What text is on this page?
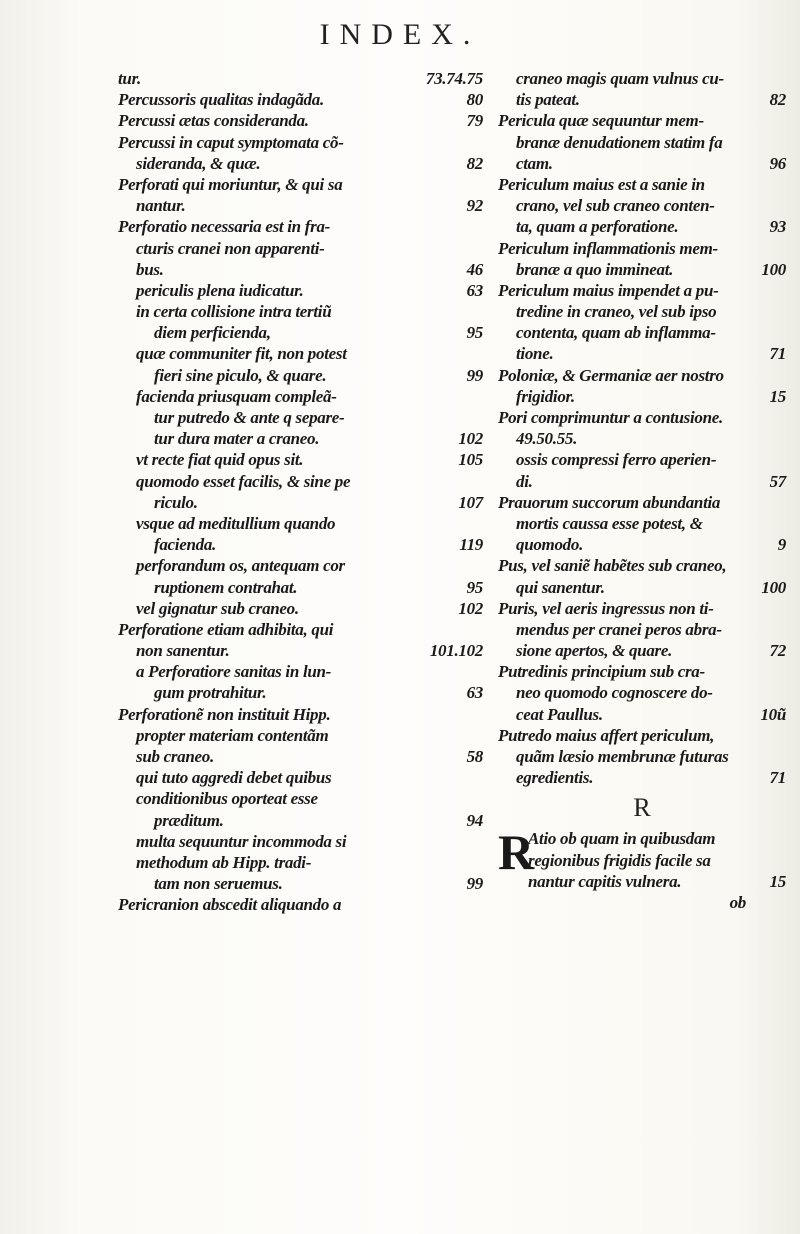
INDEX.
tur.	73.74.75
Percussoris qualitas indagãda.	80
Percussi ætas consideranda.	79
Percussi in caput symptomata cõ-
sideranda, & quæ.	82
Perforati qui moriuntur, & qui sa
nantur.	92
Perforatio necessaria est in fra-
cturis cranei non apparenti-
bus.	46
periculis plena iudicatur.	63
in certa collisione intra tertiũ
diem perficienda,	95
quæ communiter fit, non potest
fieri sine piculo, & quare.	99
facienda priusquam compleã-
tur putredo & ante q separe-
tur dura mater a craneo.	102
vt recte fiat quid opus sit.	105
quomodo esset facilis, & sine pe
riculo.	107
vsque ad meditullium quando
facienda.	119
perforandum os, antequam cor
ruptionem contrahat.	95
vel gignatur sub craneo.	102
Perforatione etiam adhibita, qui
non sanentur.	101.102
a Perforatiore sanitas in lun-
gum protrahitur.	63
Perforationẽ non instituit Hipp.
propter materiam contentãm
sub craneo.	58
qui tuto aggredi debet quibus
conditionibus oporteat esse
præditum.	94
multa sequuntur incommoda si
methodum ab Hipp. tradi-
tam non seruemus.	99
Pericranion abscedit aliquando a
craneo magis quam vulnus cu-
tis pateat.	82
Pericula quæ sequuntur mem-
branæ denudationem statim fa
ctam.	96
Periculum maius est a sanie in
crano, vel sub craneo conten-
ta, quam a perforatione.	93
Periculum inflammationis mem-
branæ a quo immineat.	100
Periculum maius impendet a pu-
tredine in craneo, vel sub ipso
contenta, quam ab inflamma-
tione.	71
Poloniæ, & Germaniæ aer nostro
frigidior.	15
Pori comprimuntur a contusione.
49.50.55.
ossis compressi ferro aperien-
di.	57
Prauorum succorum abundantia
mortis caussa esse potest, &
quomodo.	9
Pus, vel saniẽ habẽtes sub craneo,
qui sanentur.	100
Puris, vel aeris ingressus non ti-
mendus per cranei peros abra-
sione apertos, & quare.	72
Putredinis principium sub cra-
neo quomodo cognoscere do-
ceat Paullus.	10ũ
Putredo maius affert periculum,
quãm læsio membrunæ futuras
egredientis.	71
R
R
Atio ob quam in quibusdam
regionibus frigidis facile sa
nantur capitis vulnera.	15
ob
